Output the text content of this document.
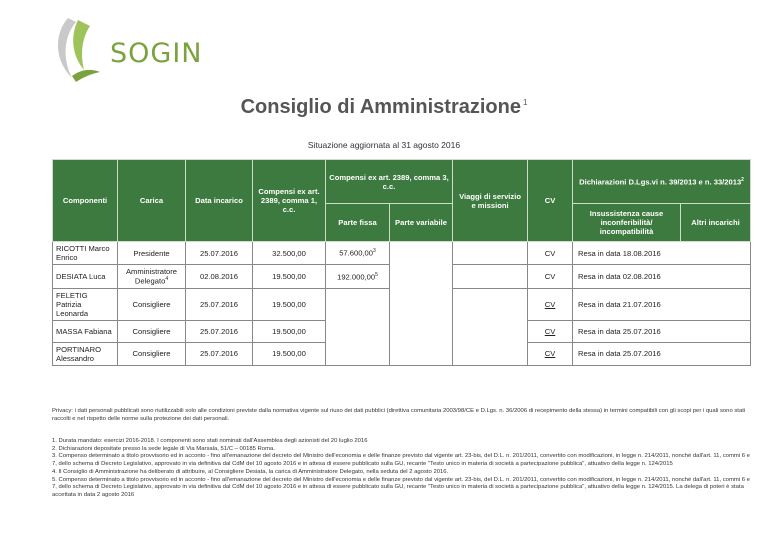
SOGIN
Consiglio di Amministrazione $^1$
Situazione aggiornata al 31 agosto 2016
Componenti	Carica	Data incarico	Compensi ex art. 2389, comma 1, c.c.	Compensi ex art. 2389, comma 3, c.c.		Viaggi di servizio e missioni	CV	Dichiarazioni D.Lgs.vi n. 39/2013 e n. 33/2013$^2$
				Parte fissa	Parte variabile			Insussistenza cause inconferibilità/ incompatibilità	Altri incarichi
RICOTTI Marco Enrico	Presidente	25.07.2016	32.500,00	57.600,00$^3$			CV	Resa in data 18.08.2016	
DESIATA Luca	Amministratore Delegato$^4$	02.08.2016	19.500,00	192.000,00$^5$			CV	Resa in data 02.08.2016	
FELETIG Patrizia Leonarda	Consigliere	25.07.2016	19.500,00				CV	Resa in data 21.07.2016	
MASSA Fabiana	Consigliere	25.07.2016	19.500,00				CV	Resa in data 25.07.2016	
PORTINARO Alessandro	Consigliere	25.07.2016	19.500,00				CV	Resa in data 25.07.2016	
Privacy: i dati personali pubblicati sono riutilizzabili solo alle condizioni previste dalla normativa vigente sul riuso dei dati pubblici (direttiva comunitaria 2003/98/CE e D.Lgs. n. 36/2006 di recepimento della stessa) in termini compatibili con gli scopi per i quali sono stati raccolti e nel rispetto delle norme sulla protezione dei dati personali.

1. Durata mandato: esercizi 2016-2018. I componenti sono stati nominati dall'Assemblea degli azionisti del 20 luglio 2016

2. Dichiarazioni depositate presso la sede legale di Via Marsala, 51/C – 00185 Roma.

3. Compenso determinato a titolo provvisorio ed in acconto - fino all'emanazione del decreto del Ministro dell'economia e delle finanze previsto dal vigente art. 23-bis, del D.L. n. 201/2011, convertito con modificazioni, in legge n. 214/2011, nonché dall'art. 11, commi 6 e 7, dello schema di Decreto Legislativo, approvato in via definitiva dal CdM del 10 agosto 2016 e in attesa di essere pubblicato sulla GU, recante "Testo unico in materia di società a partecipazione pubblica", attuativo della legge n. 124/2015

4. Il Consiglio di Amministrazione ha deliberato di attribuire, al Consigliere Desiata, la carica di Amministratore Delegato, nella seduta del 2 agosto 2016.

5. Compenso determinato a titolo provvisorio ed in acconto - fino all'emanazione del decreto del Ministro dell'economia e delle finanze previsto dal vigente art. 23-bis, del D.L. n. 201/2011, convertito con modificazioni, in legge n. 214/2011, nonché dall'art. 11, commi 6 e 7, dello schema di Decreto Legislativo, approvato in via definitiva dal CdM del 10 agosto 2016 e in attesa di essere pubblicato sulla GU, recante "Testo unico in materia di società a partecipazione pubblica", attuativo della legge n. 124/2015. La delega di poteri è stata accettata in data 2 agosto 2016
